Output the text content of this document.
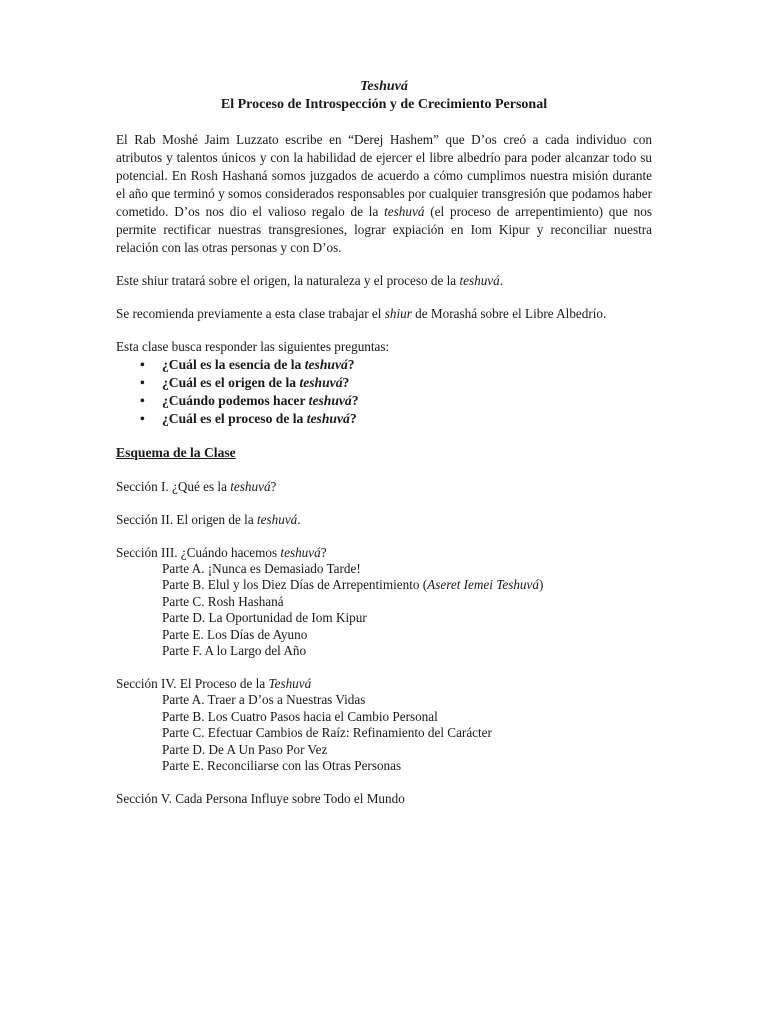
Teshuvá
El Proceso de Introspección y de Crecimiento Personal

El Rab Moshé Jaim Luzzato escribe en “Derej Hashem” que D’os creó a cada individuo con atributos y talentos únicos y con la habilidad de ejercer el libre albedrío para poder alcanzar todo su potencial. En Rosh Hashaná somos juzgados de acuerdo a cómo cumplimos nuestra misión durante el año que terminó y somos considerados responsables por cualquier transgresión que podamos haber cometido. D’os nos dio el valioso regalo de la teshuvá (el proceso de arrepentimiento) que nos permite rectificar nuestras transgresiones, lograr expiación en Iom Kipur y reconciliar nuestra relación con las otras personas y con D’os.

Este shiur tratará sobre el origen, la naturaleza y el proceso de la teshuvá.

Se recomienda previamente a esta clase trabajar el shiur de Morashá sobre el Libre Albedrío.

Esta clase busca responder las siguientes preguntas:

• ¿Cuál es la esencia de la teshuvá?
• ¿Cuál es el origen de la teshuvá?
• ¿Cuándo podemos hacer teshuvá?
• ¿Cuál es el proceso de la teshuvá?
Esquema de la Clase
Sección I. ¿Qué es la teshuvá?
Sección II. El origen de la teshuvá.
Sección III. ¿Cuándo hacemos teshuvá?
Parte A. ¡Nunca es Demasiado Tarde!
Parte B. Elul y los Diez Días de Arrepentimiento (Aseret Iemei Teshuvá)
Parte C. Rosh Hashaná
Parte D. La Oportunidad de Iom Kipur
Parte E. Los Días de Ayuno
Parte F. A lo Largo del Año
Sección IV. El Proceso de la Teshuvá
Parte A. Traer a D’os a Nuestras Vidas
Parte B. Los Cuatro Pasos hacia el Cambio Personal
Parte C. Efectuar Cambios de Raíz: Refinamiento del Carácter
Parte D. De A Un Paso Por Vez
Parte E. Reconciliarse con las Otras Personas
Sección V. Cada Persona Influye sobre Todo el Mundo
